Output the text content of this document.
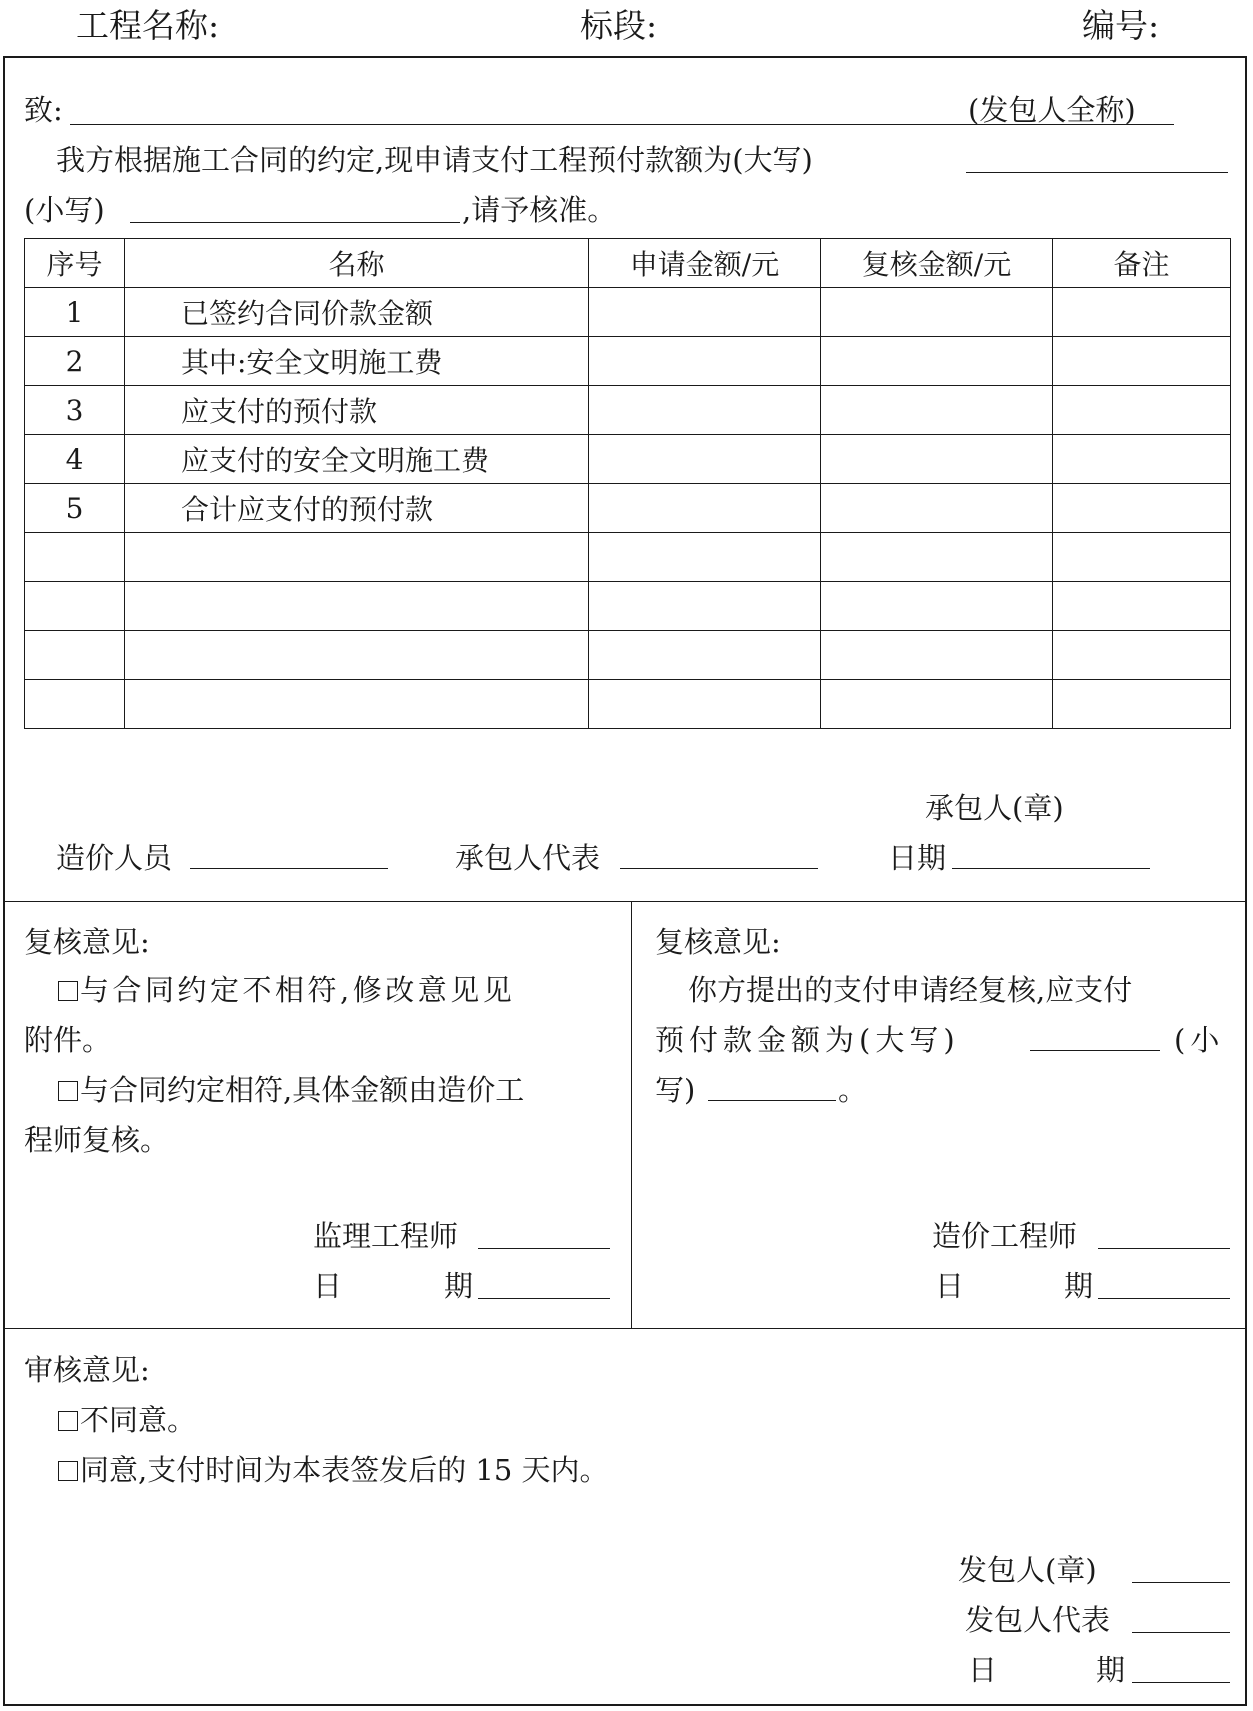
工程名称:	标段:	编号:
致:	(发包人全称)
我方根据施工合同的约定,现申请支付工程预付款额为(大写)
(小写)	,请予核准。
序号	名称	申请金额/元	复核金额/元	备注
1	已签约合同价款金额			
2	其中:安全文明施工费			
3	应支付的预付款			
4	应支付的安全文明施工费			
5	合计应支付的预付款			

承包人(章)
造价人员	承包人代表	日期
复核意见:
与合同约定不相符,修改意见见
附件。
与合同约定相符,具体金额由造价工
程师复核。
监理工程师
日	期
复核意见:
你方提出的支付申请经复核,应支付
预付款金额为(大写)	(小
写)	。
造价工程师
日	期
审核意见:
不同意。
同意,支付时间为本表签发后的 15 天内。
发包人(章)
发包人代表
日	期
